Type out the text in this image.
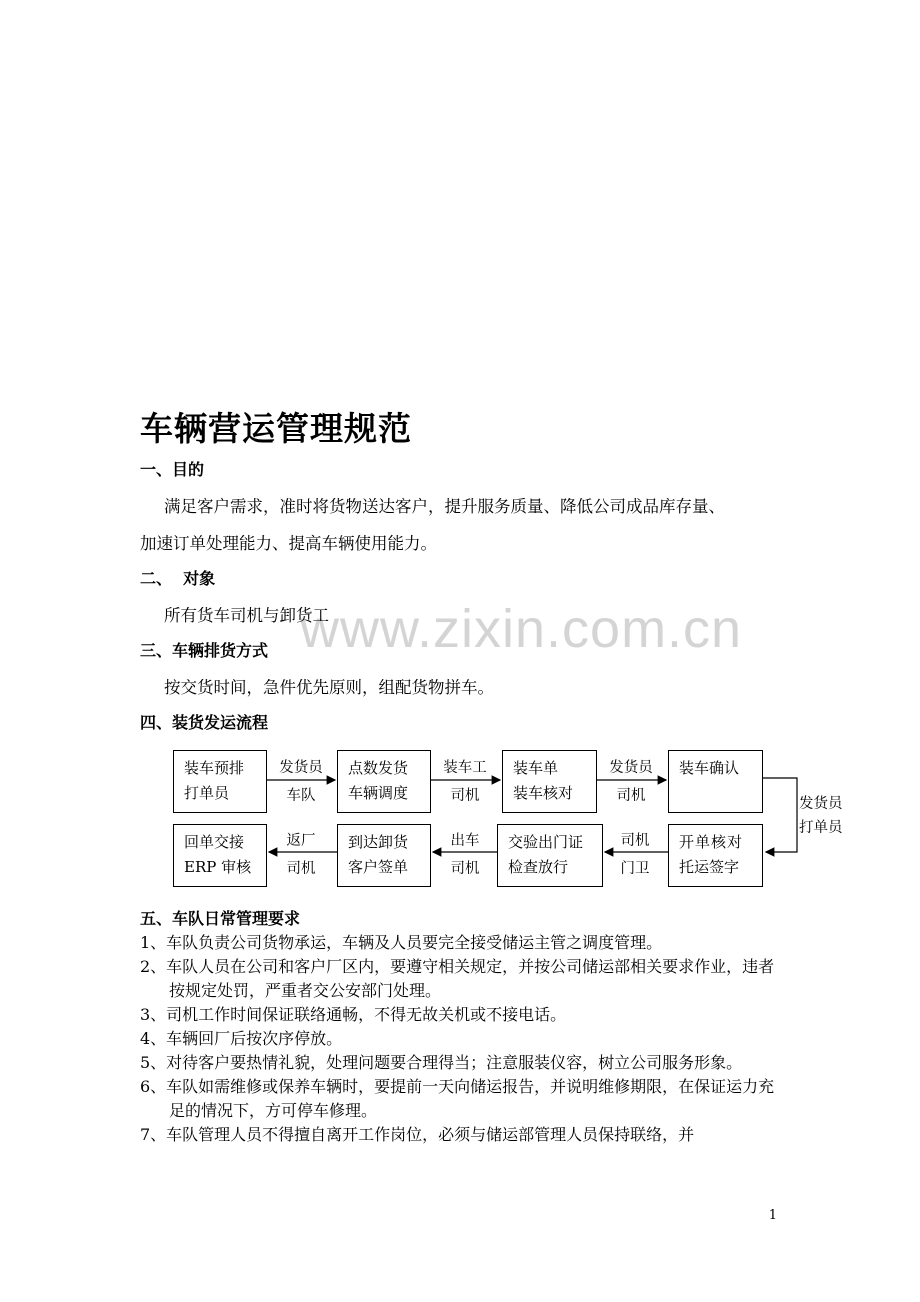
www.zixin.com.cn
车辆营运管理规范
一、目的
满足客户需求，准时将货物送达客户，提升服务质量、降低公司成品库存量、
加速订单处理能力、提高车辆使用能力。
二、  对象
所有货车司机与卸货工
三、车辆排货方式
按交货时间，急件优先原则，组配货物拼车。
四、装货发运流程
装车预排
打单员
点数发货
车辆调度
装车单
装车核对
装车确认
发货员
车队
装车工
司机
发货员
司机	发货员
打单员
回单交接
ERP 审核
到达卸货
客户签单
交验出门证
检查放行
开单核对
托运签字
返厂
司机
出车
司机
司机
门卫
五、车队日常管理要求

1、车队负责公司货物承运，车辆及人员要完全接受储运主管之调度管理。

2、车队人员在公司和客户厂区内，要遵守相关规定，并按公司储运部相关要求作业，违者按规定处罚，严重者交公安部门处理。

3、司机工作时间保证联络通畅，不得无故关机或不接电话。

4、车辆回厂后按次序停放。

5、对待客户要热情礼貌，处理问题要合理得当；注意服装仪容，树立公司服务形象。

6、车队如需维修或保养车辆时，要提前一天向储运报告，并说明维修期限，在保证运力充足的情况下，方可停车修理。

7、车队管理人员不得擅自离开工作岗位，必须与储运部管理人员保持联络，并

1
